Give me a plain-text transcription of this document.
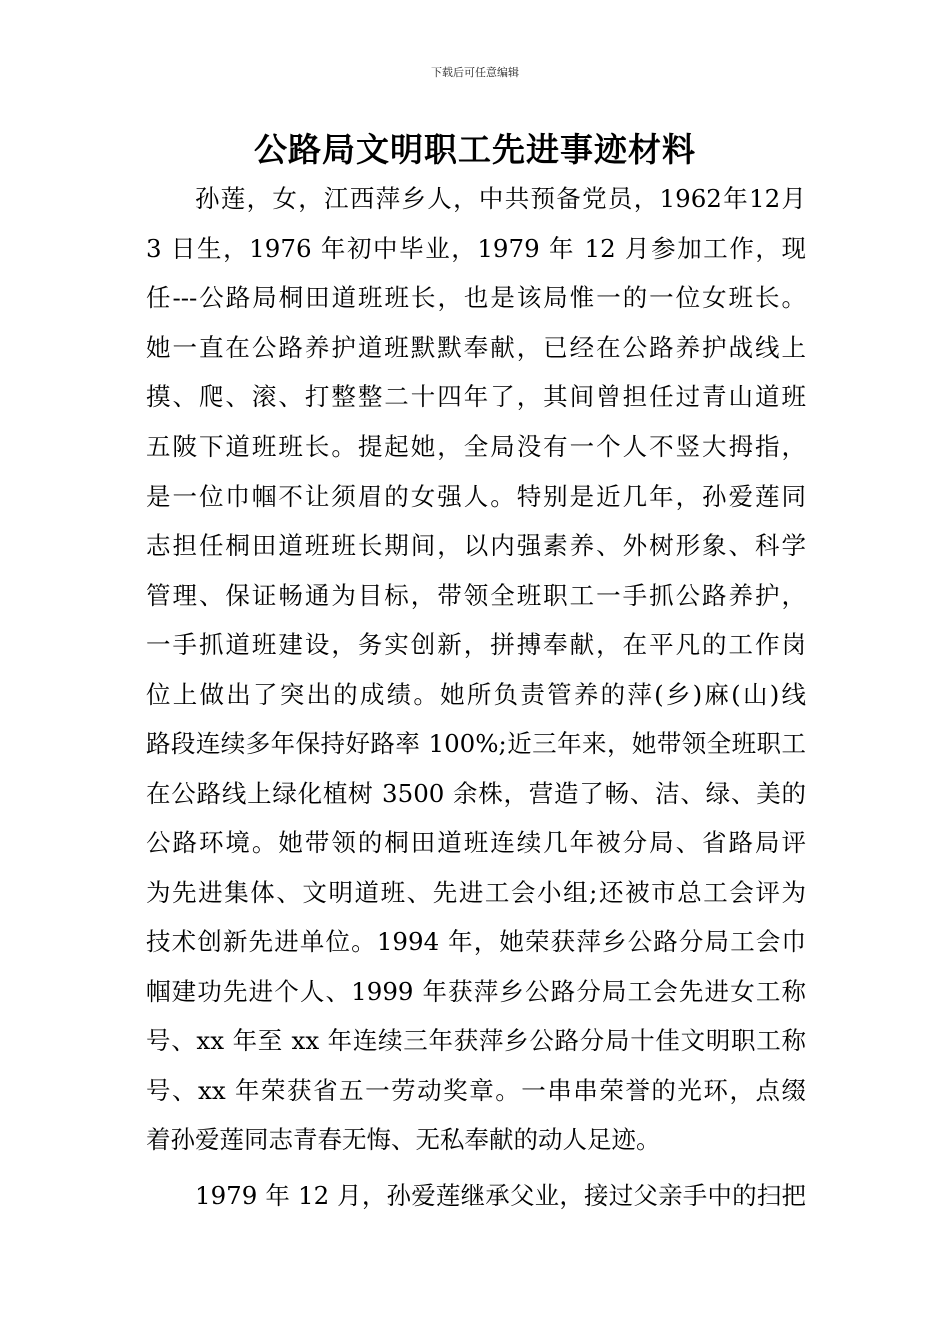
下载后可任意编辑
公路局文明职工先进事迹材料
孙莲，女，江西萍乡人，中共预备党员，1962年12月
3 日生，1976 年初中毕业，1979 年 12 月参加工作，现
任---公路局桐田道班班长，也是该局惟一的一位女班长。
她一直在公路养护道班默默奉献，已经在公路养护战线上
摸、爬、滚、打整整二十四年了，其间曾担任过青山道班
五陂下道班班长。提起她，全局没有一个人不竖大拇指，
是一位巾帼不让须眉的女强人。特别是近几年，孙爱莲同
志担任桐田道班班长期间，以内强素养、外树形象、科学
管理、保证畅通为目标，带领全班职工一手抓公路养护，
一手抓道班建设，务实创新，拼搏奉献，在平凡的工作岗
位上做出了突出的成绩。她所负责管养的萍(乡)麻(山)线
路段连续多年保持好路率 100%;近三年来，她带领全班职工
在公路线上绿化植树 3500 余株，营造了畅、洁、绿、美的
公路环境。她带领的桐田道班连续几年被分局、省路局评
为先进集体、文明道班、先进工会小组;还被市总工会评为
技术创新先进单位。1994 年，她荣获萍乡公路分局工会巾
帼建功先进个人、1999 年获萍乡公路分局工会先进女工称
号、xx 年至 xx 年连续三年获萍乡公路分局十佳文明职工称
号、xx 年荣获省五一劳动奖章。一串串荣誉的光环，点缀
着孙爱莲同志青春无悔、无私奉献的动人足迹。
1979 年 12 月，孙爱莲继承父业，接过父亲手中的扫把
